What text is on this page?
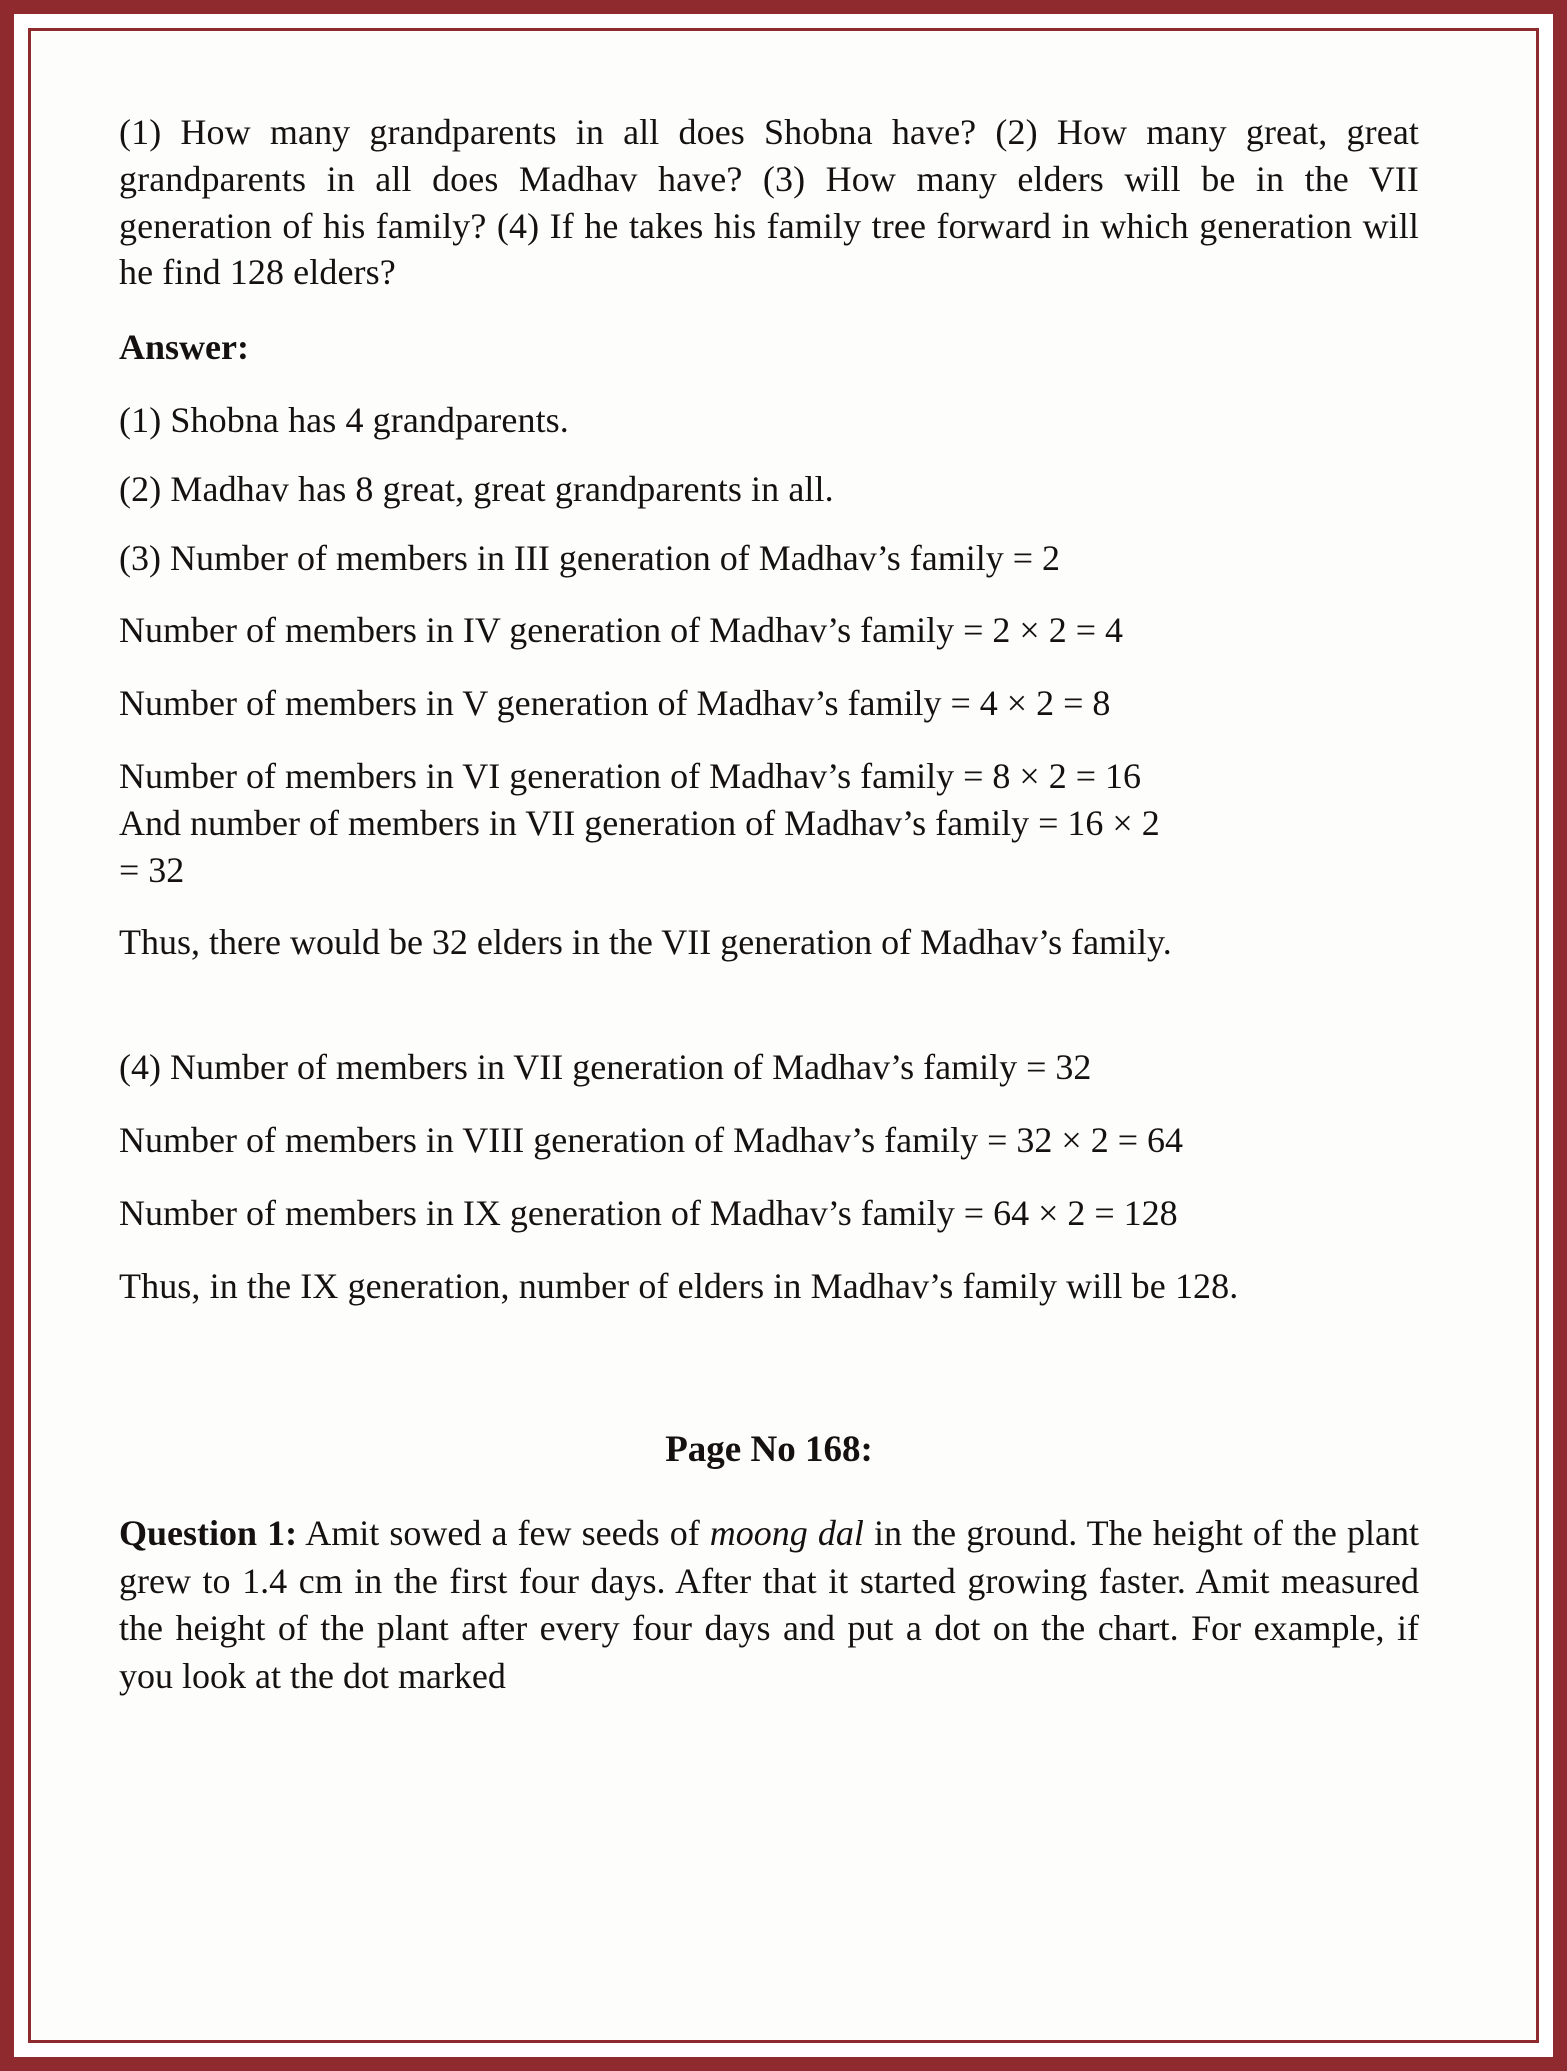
(1) How many grandparents in all does Shobna have? (2) How many great, great grandparents in all does Madhav have? (3) How many elders will be in the VII generation of his family? (4) If he takes his family tree forward in which generation will he find 128 elders?

Answer:

(1) Shobna has 4 grandparents.

(2) Madhav has 8 great, great grandparents in all.

(3) Number of members in III generation of Madhav’s family = 2

Number of members in IV generation of Madhav’s family = 2 × 2 = 4

Number of members in V generation of Madhav’s family = 4 × 2 = 8

Number of members in VI generation of Madhav’s family = 8 × 2 = 16

And number of members in VII generation of Madhav’s family = 16 × 2

= 32

Thus, there would be 32 elders in the VII generation of Madhav’s family.

(4) Number of members in VII generation of Madhav’s family = 32

Number of members in VIII generation of Madhav’s family = 32 × 2 = 64

Number of members in IX generation of Madhav’s family = 64 × 2 = 128

Thus, in the IX generation, number of elders in Madhav’s family will be 128.

Page No 168:

Question 1: Amit sowed a few seeds of moong dal in the ground. The height of the plant grew to 1.4 cm in the first four days. After that it started growing faster. Amit measured the height of the plant after every four days and put a dot on the chart. For example, if you look at the dot marked
